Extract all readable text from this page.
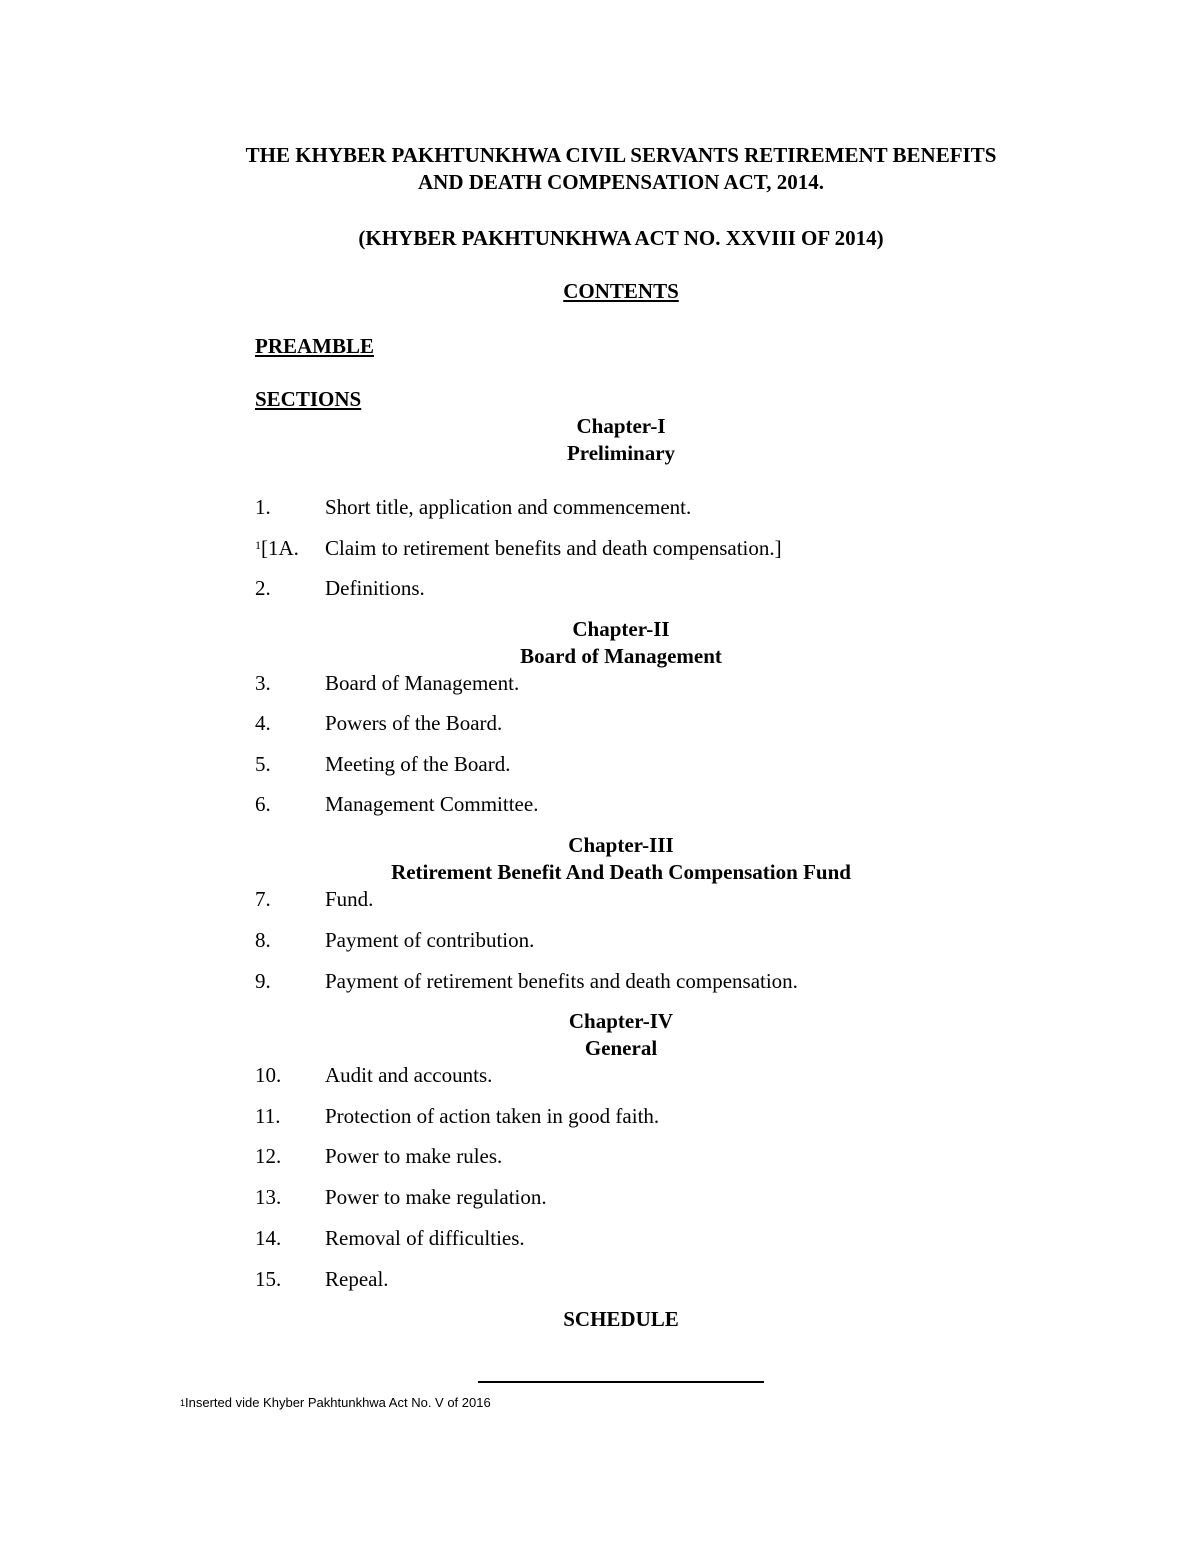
THE KHYBER PAKHTUNKHWA CIVIL SERVANTS RETIREMENT BENEFITS
AND DEATH COMPENSATION ACT, 2014.
(KHYBER PAKHTUNKHWA ACT NO. XXVIII OF 2014)
CONTENTS
PREAMBLE
SECTIONS
Chapter-I
Preliminary
1.	Short title, application and commencement.
$^1$[1A. Claim to retirement benefits and death compensation.]
2.	Definitions.
Chapter-II
Board of Management
3.	Board of Management.
4.	Powers of the Board.
5.	Meeting of the Board.
6.	Management Committee.
Chapter-III
Retirement Benefit And Death Compensation Fund
7.	Fund.
8.	Payment of contribution.
9.	Payment of retirement benefits and death compensation.
Chapter-IV
General
10. Audit and accounts.
11. Protection of action taken in good faith.
12. Power to make rules.
13. Power to make regulation.
14. Removal of difficulties.
15. Repeal.
SCHEDULE
$^1$Inserted vide Khyber Pakhtunkhwa Act No. V of 2016
